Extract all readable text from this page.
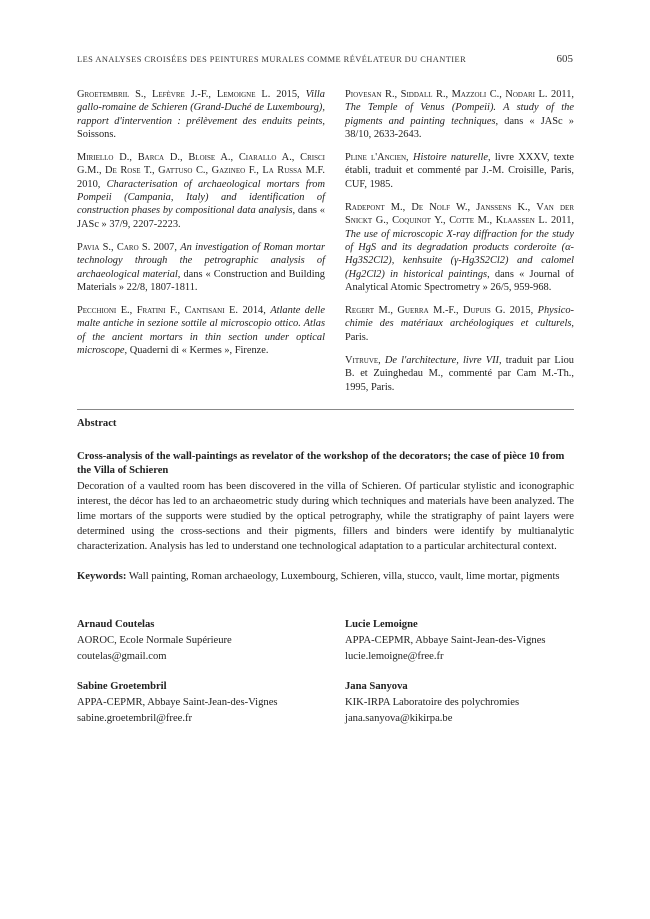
LES ANALYSES CROISÉES DES PEINTURES MURALES COMME RÉVÉLATEUR DU CHANTIER	605

Groetembril S., Lefèvre J.-F., Lemoigne L. 2015, Villa gallo-romaine de Schieren (Grand-Duché de Luxembourg), rapport d'intervention : prélèvement des enduits peints, Soissons.

Miriello D., Barca D., Bloise A., Ciarallo A., Crisci G.M., De Rose T., Gattuso C., Gazineo F., La Russa M.F. 2010, Characterisation of archaeological mortars from Pompeii (Campania, Italy) and identification of construction phases by compositional data analysis, dans « JASc » 37/9, 2207-2223.

Pavia S., Caro S. 2007, An investigation of Roman mortar technology through the petrographic analysis of archaeological material, dans « Construction and Building Materials » 22/8, 1807-1811.

Pecchioni E., Fratini F., Cantisani E. 2014, Atlante delle malte antiche in sezione sottile al microscopio ottico. Atlas of the ancient mortars in thin section under optical microscope, Quaderni di « Kermes », Firenze.

Piovesan R., Siddall R., Mazzoli C., Nodari L. 2011, The Temple of Venus (Pompeii). A study of the pigments and painting techniques, dans « JASc » 38/10, 2633-2643.

Pline l'Ancien, Histoire naturelle, livre XXXV, texte établi, traduit et commenté par J.-M. Croisille, Paris, CUF, 1985.

Radepont M., De Nolf W., Janssens K., Van der Snickt G., Coquinot Y., Cotte M., Klaassen L. 2011, The use of microscopic X-ray diffraction for the study of HgS and its degradation products corderoite (α-Hg3S2Cl2), kenhsuite (γ-Hg3S2Cl2) and calomel (Hg2Cl2) in historical paintings, dans « Journal of Analytical Atomic Spectrometry » 26/5, 959-968.

Regert M., Guerra M.-F., Dupuis G. 2015, Physico-chimie des matériaux archéologiques et culturels, Paris.

Vitruve, De l'architecture, livre VII, traduit par Liou B. et Zuinghedau M., commenté par Cam M.-Th., 1995, Paris.

Abstract
Cross-analysis of the wall-paintings as revelator of the workshop of the decorators; the case of pièce 10 from the Villa of Schieren
Decoration of a vaulted room has been discovered in the villa of Schieren. Of particular stylistic and iconographic interest, the décor has led to an archaeometric study during which techniques and materials have been analyzed. The lime mortars of the supports were studied by the optical petrography, while the stratigraphy of paint layers were determined using the cross-sections and their pigments, fillers and binders were identify by multianalytic characterization. Analysis has led to understand one technological adaptation to a particular architectural context.
Keywords: Wall painting, Roman archaeology, Luxembourg, Schieren, villa, stucco, vault, lime mortar, pigments
Arnaud Coutelas
AOROC, Ecole Normale Supérieure
coutelas@gmail.com
Lucie Lemoigne
APPA-CEPMR, Abbaye Saint-Jean-des-Vignes
lucie.lemoigne@free.fr
Sabine Groetembril
APPA-CEPMR, Abbaye Saint-Jean-des-Vignes
sabine.groetembril@free.fr
Jana Sanyova
KIK-IRPA Laboratoire des polychromies
jana.sanyova@kikirpa.be
